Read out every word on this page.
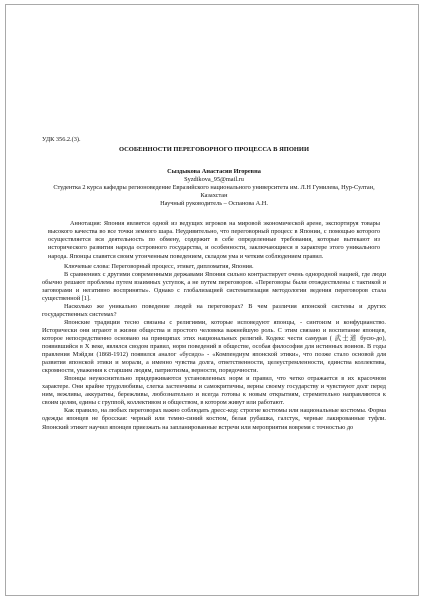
УДК 356.2.(3).

ОСОБЕННОСТИ ПЕРЕГОВОРНОГО ПРОЦЕССА В ЯПОНИИ

Сыздыкова Анастасия Игоревна

Syzdikova_95@mail.ru

Студентка 2 курса кафедры регионоведение Евразийского национального университета им. Л.Н Гумилева, Нур-Султан, Казахстан

Научный руководитель – Оспанова А.Н.

Аннотация: Япония является одной из ведущих игроков на мировой экономической арене, экспортируя товары высокого качества во все точки земного шара. Неудивительно, что переговорный процесс в Японии, с помощью которого осуществляется вся деятельность по обмену, содержит в себе определенные требования, которые вытекают из исторического развития народа островного государства, и особенности, заключающиеся в характере этого уникального народа. Японцы славятся своим утонченным поведением, складом ума и четким соблюдением правил.

Ключевые слова: Переговорный процесс, этикет, дипломатия, Япония.

В сравнениях с другими современными державами Япония сильно контрастирует очень однородной нацией, где люди обычно решают проблемы путем взаимных уступок, а не путем переговоров. «Переговоры были отождествлены с тактикой и заговорами и негативно восприняты». Однако с глобализацией систематизация методологии ведения переговоров стала существенной [1].

Насколько же уникально поведение людей на переговорах? В чем различия японской системы и других государственных системах?

Японские традиции тесно связаны с религиями, которые исповедуют японцы, - синтоизм и конфуцианство. Исторически они играют в жизни общества и простого человека важнейшую роль. С этим связано и воспитание японцев, которое непосредственно основано на принципах этих национальных религий. Кодекс чести самурая ( 武士道 бусю-до), появившийся в X веке, являлся сводом правил, норм поведений в обществе, особая философия для истинных воинов. В годы правления Мэйдзи (1868-1912) появился аналог «бусидо» - «Компендиум японской этики», что позже стало основой для развития японской этики и морали, а именно чувства долга, ответственности, целеустремленности, единства коллектива, скромности, уважения к старшим людям, патриотизма, верности, порядочности.

Японцы неукоснительно придерживаются установленных норм и правил, что четко отражается в их красочном характере. Они крайне трудолюбивы, слегка застенчивы и самокритичны, верны своему государству и чувствуют долг перед ним, вежливы, аккуратны, бережливы, любознательно и всегда готовы к новым открытиям, стремительно направляются к своим целям, едины с группой, коллективом и обществом, в котором живут или работают.

Как правило, на любых переговорах важно соблюдать дресс-код: строгие костюмы или национальные костюмы. Форма одежды японцев не бросская: черный или темно-синий костюм, белая рубашка, галстук, черные лакированные туфли. Японский этикет научил японцев приезжать на запланированные встречи или мероприятия вовремя с точностью до
